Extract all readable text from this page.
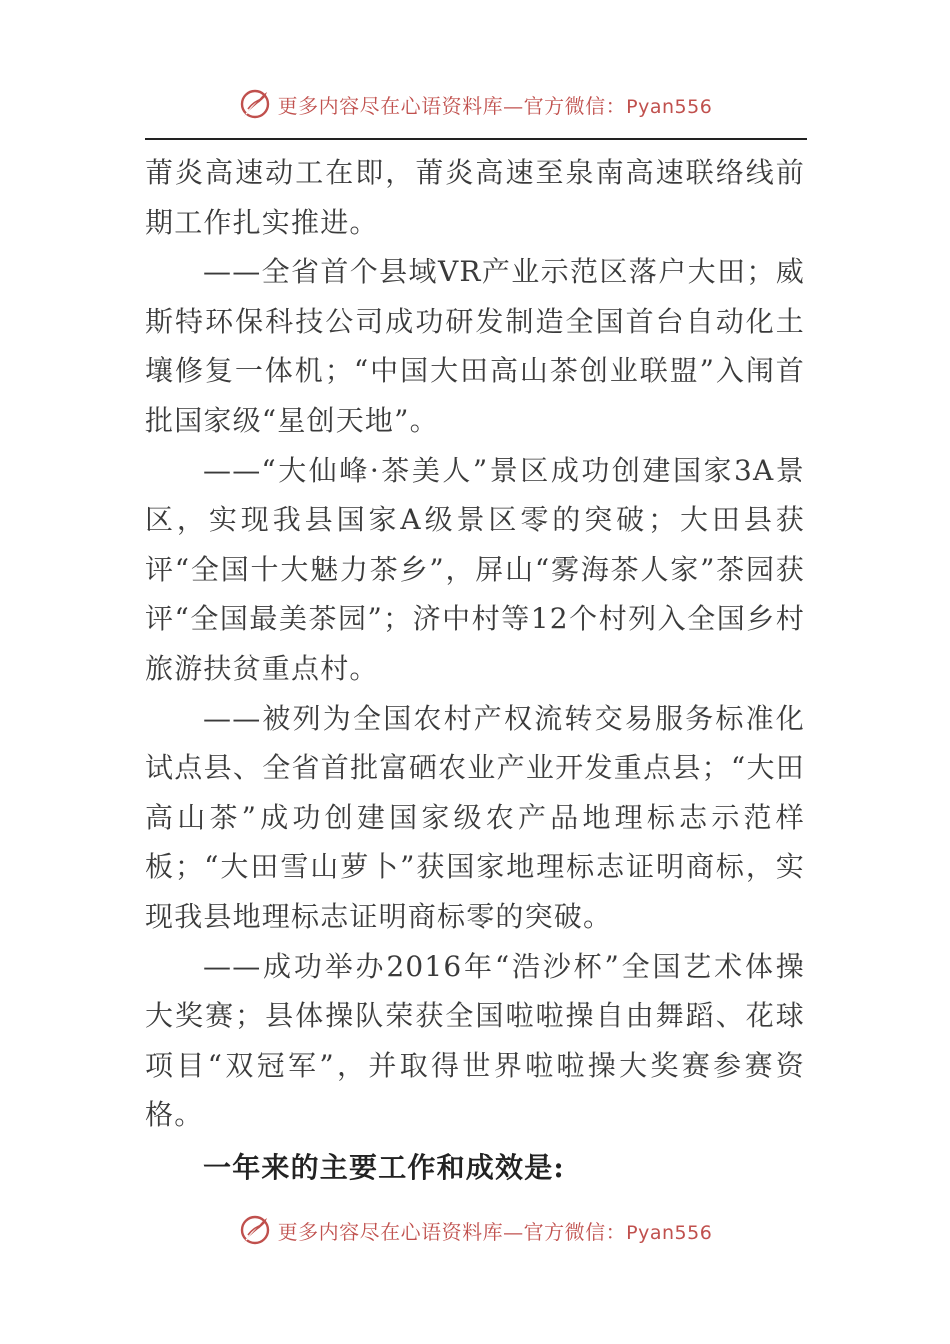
更多内容尽在心语资料库—官方微信：Pyan556

莆炎高速动工在即，莆炎高速至泉南高速联络线前期工作扎实推进。

——全省首个县域VR产业示范区落户大田；威斯特环保科技公司成功研发制造全国首台自动化土壤修复一体机；“中国大田高山茶创业联盟”入闱首批国家级“星创天地”。

——“大仙峰·茶美人”景区成功创建国家3A景区，实现我县国家A级景区零的突破；大田县获评“全国十大魅力茶乡”，屏山“雾海茶人家”茶园获评“全国最美茶园”；济中村等12个村列入全国乡村旅游扶贫重点村。

——被列为全国农村产权流转交易服务标准化试点县、全省首批富硒农业产业开发重点县；“大田高山茶”成功创建国家级农产品地理标志示范样板；“大田雪山萝卜”获国家地理标志证明商标，实现我县地理标志证明商标零的突破。

——成功举办2016年“浩沙杯”全国艺术体操大奖赛；县体操队荣获全国啦啦操自由舞蹈、花球项目“双冠军”，并取得世界啦啦操大奖赛参赛资格。

一年来的主要工作和成效是:

更多内容尽在心语资料库—官方微信：Pyan556
